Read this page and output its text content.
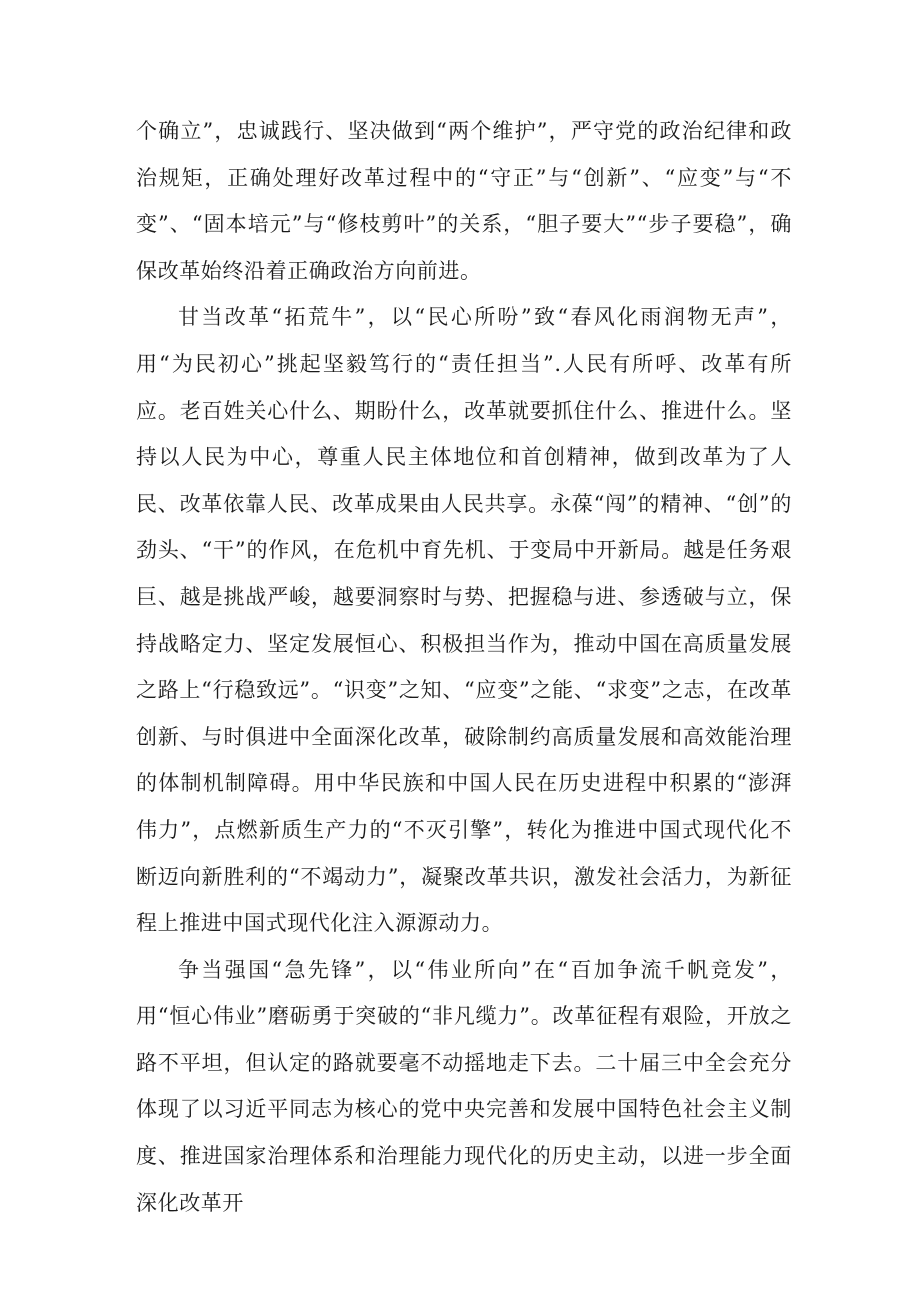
个确立”，忠诚践行、坚决做到“两个维护”，严守党的政治纪律和政治规矩，正确处理好改革过程中的“守正”与“创新”、“应变”与“不变”、“固本培元”与“修枝剪叶”的关系，“胆子要大”“步子要稳”，确保改革始终沿着正确政治方向前进。

甘当改革“拓荒牛”，以“民心所吩”致“春风化雨润物无声”，用“为民初心”挑起坚毅笃行的“责任担当”.人民有所呼、改革有所应。老百姓关心什么、期盼什么，改革就要抓住什么、推进什么。坚持以人民为中心，尊重人民主体地位和首创精神，做到改革为了人民、改革依靠人民、改革成果由人民共享。永葆“闯”的精神、“创”的劲头、“干”的作风，在危机中育先机、于变局中开新局。越是任务艰巨、越是挑战严峻，越要洞察时与势、把握稳与进、参透破与立，保持战略定力、坚定发展恒心、积极担当作为，推动中国在高质量发展之路上“行稳致远”。“识变”之知、“应变”之能、“求变”之志，在改革创新、与时俱进中全面深化改革，破除制约高质量发展和高效能治理的体制机制障碍。用中华民族和中国人民在历史进程中积累的“澎湃伟力”，点燃新质生产力的“不灭引擎”，转化为推进中国式现代化不断迈向新胜利的“不竭动力”，凝聚改革共识，激发社会活力，为新征程上推进中国式现代化注入源源动力。

争当强国“急先锋”，以“伟业所向”在“百加争流千帆竞发”，用“恒心伟业”磨砺勇于突破的“非凡缆力”。改革征程有艰险，开放之路不平坦，但认定的路就要毫不动摇地走下去。二十届三中全会充分体现了以习近平同志为核心的党中央完善和发展中国特色社会主义制度、推进国家治理体系和治理能力现代化的历史主动，以进一步全面深化改革开
